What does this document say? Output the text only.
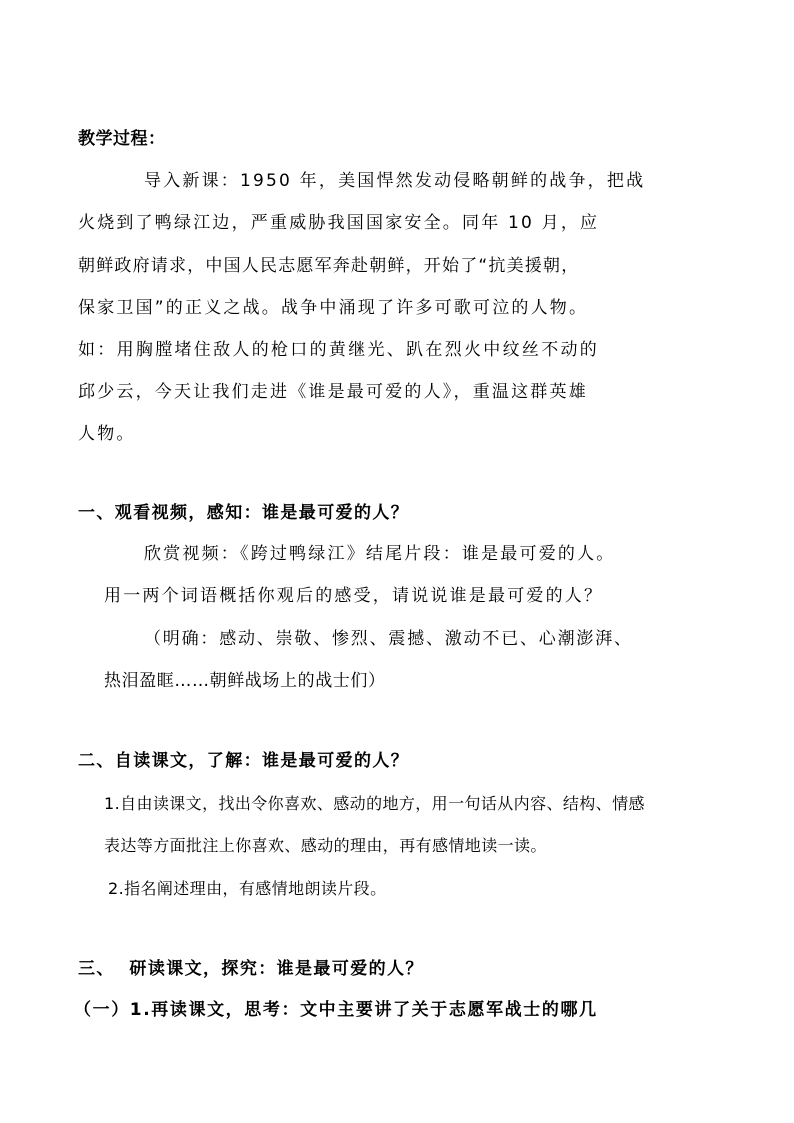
教学过程：
导入新课：1950 年，美国悍然发动侵略朝鲜的战争，把战
火烧到了鸭绿江边，严重威胁我国国家安全。同年 10 月，应
朝鲜政府请求，中国人民志愿军奔赴朝鲜，开始了“抗美援朝，
保家卫国”的正义之战。战争中涌现了许多可歌可泣的人物。
如：用胸膛堵住敌人的枪口的黄继光、趴在烈火中纹丝不动的
邱少云，今天让我们走进《谁是最可爱的人》，重温这群英雄
人物。
一、观看视频，感知：谁是最可爱的人？
欣赏视频：《跨过鸭绿江》结尾片段：谁是最可爱的人。
用一两个词语概括你观后的感受，请说说谁是最可爱的人？
（明确：感动、崇敬、惨烈、震撼、激动不已、心潮澎湃、
热泪盈眶……朝鲜战场上的战士们）
二、自读课文，了解：谁是最可爱的人？
1.自由读课文，找出令你喜欢、感动的地方，用一句话从内容、结构、情感
表达等方面批注上你喜欢、感动的理由，再有感情地读一读。
2.指名阐述理由，有感情地朗读片段。
三、  研读课文，探究：谁是最可爱的人？
（一）1.再读课文，思考：文中主要讲了关于志愿军战士的哪几
